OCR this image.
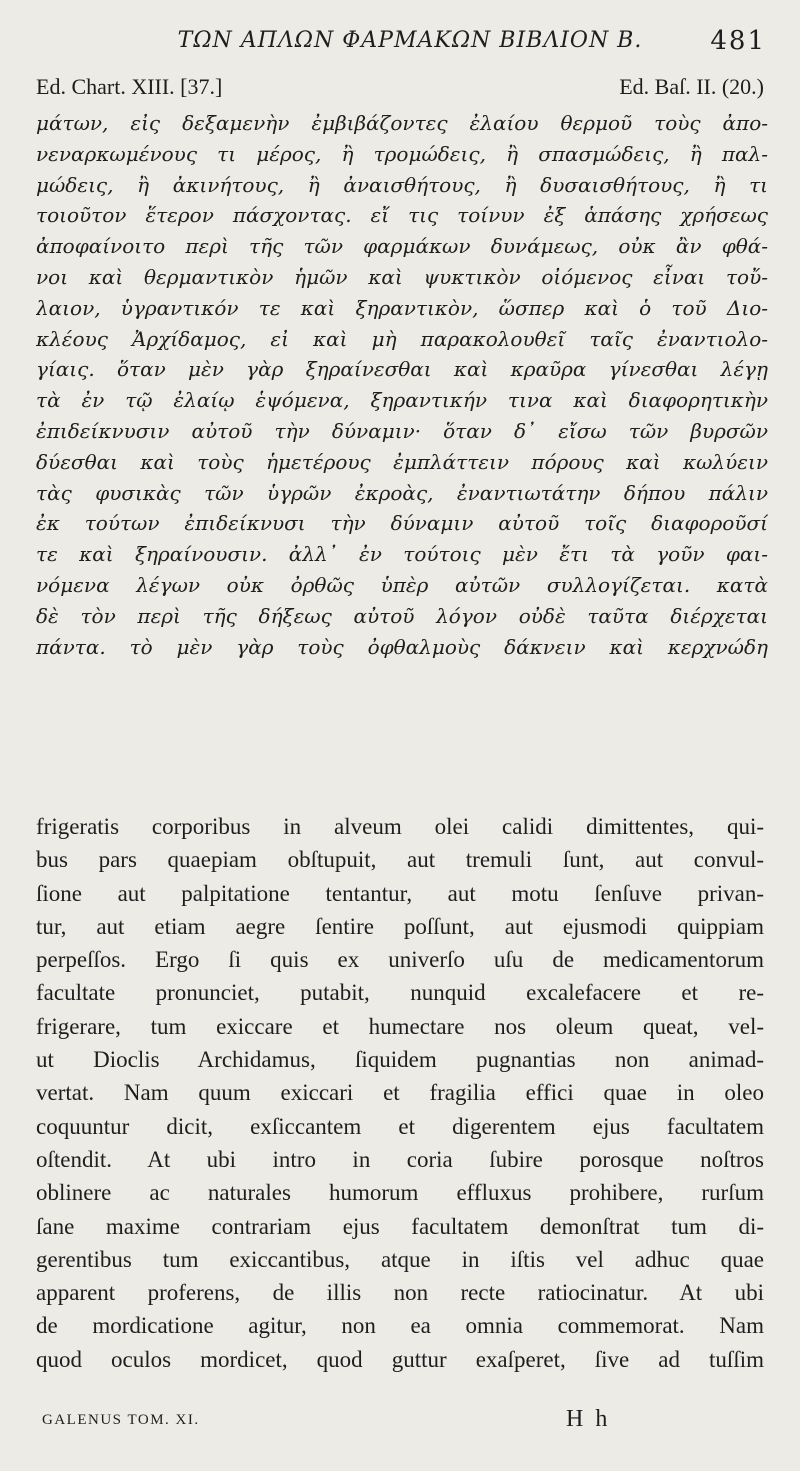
ΤΩΝ ΑΠΛΩΝ ΦΑΡΜΑΚΩΝ ΒΙΒΛΙΟΝ Β.	481
Ed. Chart. XIII. [37.]	Ed. Baſ. II. (20.)
μάτων, εἰς δεξαμενὴν ἐμβιβάζοντες ἐλαίου θερμοῦ τοὺς ἀπο-
νεναρκωμένους τι μέρος, ἢ τρομώδεις, ἢ σπασμώδεις, ἢ παλ-
μώδεις, ἢ ἀκινήτους, ἢ ἀναισθήτους, ἢ δυσαισθήτους, ἢ τι
τοιοῦτον ἕτερον πάσχοντας. εἴ τις τοίνυν ἐξ ἁπάσης χρήσεως
ἀποφαίνοιτο περὶ τῆς τῶν φαρμάκων δυνάμεως, οὐκ ἂν φθά-
νοι καὶ θερμαντικὸν ἡμῶν καὶ ψυκτικὸν οἰόμενος εἶναι τοὔ-
λαιον, ὑγραντικόν τε καὶ ξηραντικὸν, ὥσπερ καὶ ὁ τοῦ Διο-
κλέους Ἀρχίδαμος, εἰ καὶ μὴ παρακολουθεῖ ταῖς ἐναντιολο-
γίαις. ὅταν μὲν γὰρ ξηραίνεσθαι καὶ κραῦρα γίνεσθαι λέγῃ
τὰ ἐν τῷ ἐλαίῳ ἑψόμενα, ξηραντικήν τινα καὶ διαφορητικὴν
ἐπιδείκνυσιν αὐτοῦ τὴν δύναμιν· ὅταν δ᾽ εἴσω τῶν βυρσῶν
δύεσθαι καὶ τοὺς ἡμετέρους ἐμπλάττειν πόρους καὶ κωλύειν
τὰς φυσικὰς τῶν ὑγρῶν ἐκροὰς, ἐναντιωτάτην δήπου πάλιν
ἐκ τούτων ἐπιδείκνυσι τὴν δύναμιν αὐτοῦ τοῖς διαφοροῦσί
τε καὶ ξηραίνουσιν. ἀλλ᾽ ἐν τούτοις μὲν ἔτι τὰ γοῦν φαι-
νόμενα λέγων οὐκ ὀρθῶς ὑπὲρ αὐτῶν συλλογίζεται. κατὰ
δὲ τὸν περὶ τῆς δήξεως αὐτοῦ λόγον οὐδὲ ταῦτα διέρχεται
πάντα. τὸ μὲν γὰρ τοὺς ὀφθαλμοὺς δάκνειν καὶ κερχνώδη
frigeratis corporibus in alveum olei calidi dimittentes, qui-
bus pars quaepiam obſtupuit, aut tremuli ſunt, aut convul-
ſione aut palpitatione tentantur, aut motu ſenſuve privan-
tur, aut etiam aegre ſentire poſſunt, aut ejusmodi quippiam
perpeſſos. Ergo ſi quis ex univerſo uſu de medicamentorum
facultate pronunciet, putabit, nunquid excalefacere et re-
frigerare, tum exiccare et humectare nos oleum queat, vel-
ut Dioclis Archidamus, ſiquidem pugnantias non animad-
vertat. Nam quum exiccari et fragilia effici quae in oleo
coquuntur dicit, exſiccantem et digerentem ejus facultatem
oſtendit. At ubi intro in coria ſubire porosque noſtros
oblinere ac naturales humorum effluxus prohibere, rurſum
ſane maxime contrariam ejus facultatem demonſtrat tum di-
gerentibus tum exiccantibus, atque in iſtis vel adhuc quae
apparent proferens, de illis non recte ratiocinatur. At ubi
de mordicatione agitur, non ea omnia commemorat. Nam
quod oculos mordicet, quod guttur exaſperet, ſive ad tuſſim
GALENUS TOM. XI.	H h
